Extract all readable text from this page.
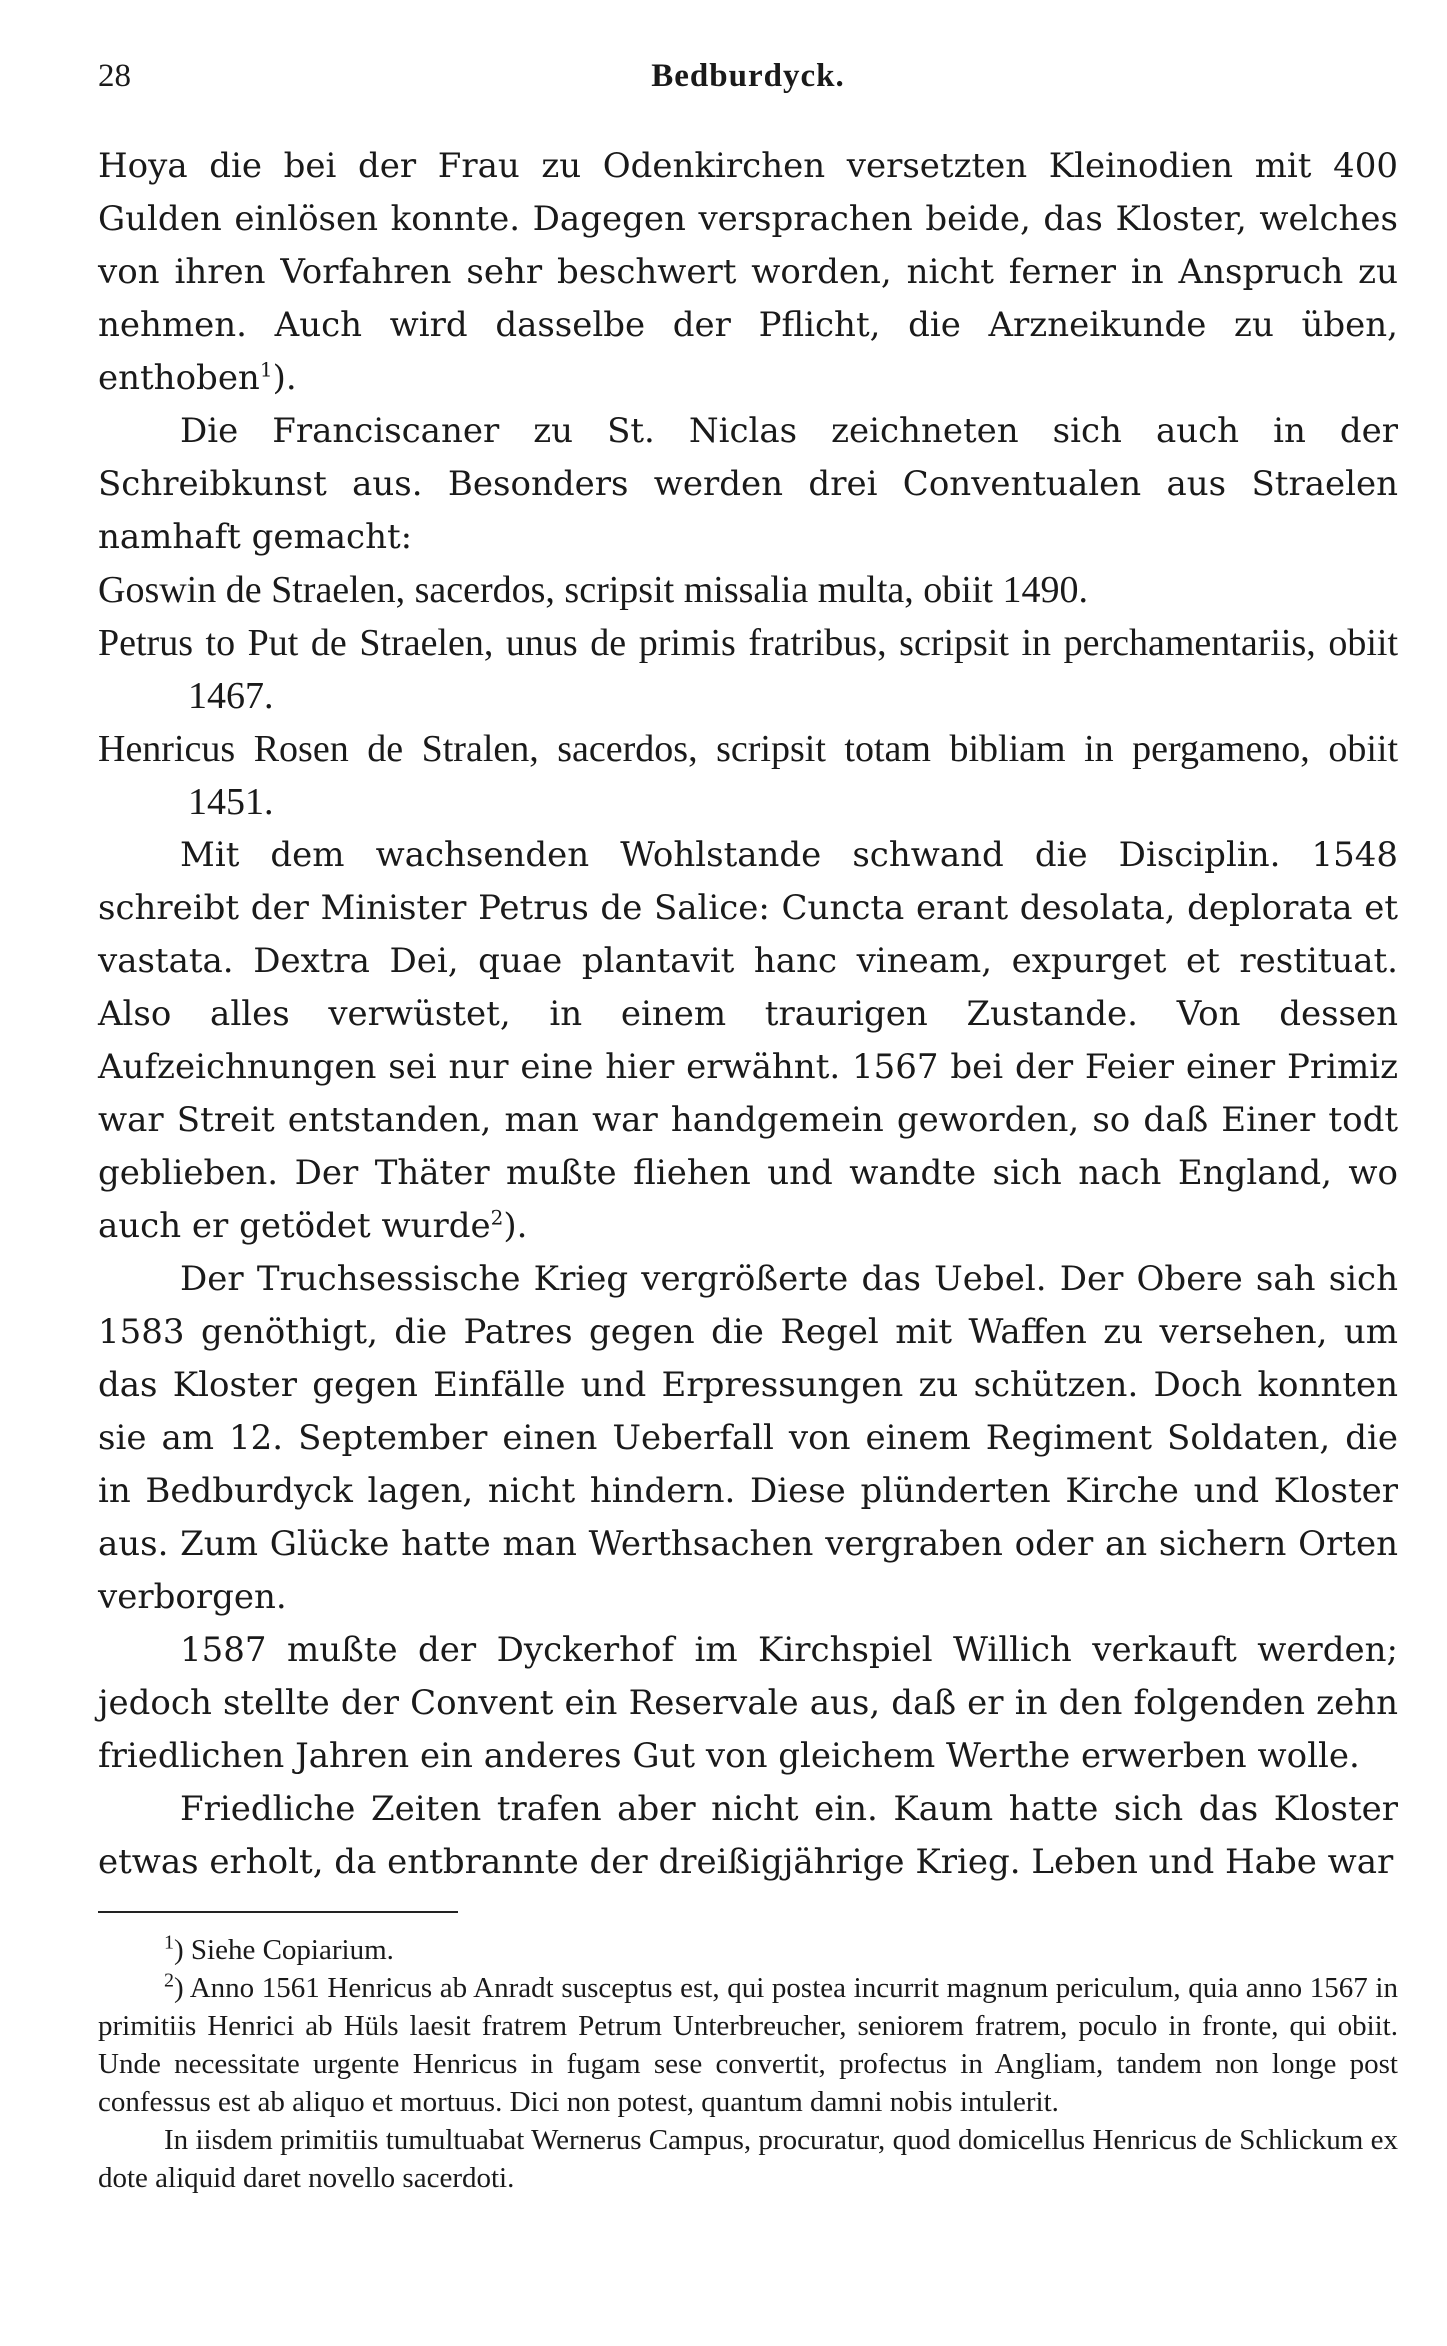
28	Bedburdyck.

Hoya die bei der Frau zu Odenkirchen versetzten Kleinodien mit 400 Gulden einlösen konnte. Dagegen versprachen beide, das Kloster, welches von ihren Vorfahren sehr beschwert worden, nicht ferner in Anspruch zu nehmen. Auch wird dasselbe der Pflicht, die Arzneikunde zu üben, enthoben$^1$).

Die Franciscaner zu St. Niclas zeichneten sich auch in der Schreibkunst aus. Besonders werden drei Conventualen aus Straelen namhaft gemacht:

Goswin de Straelen, sacerdos, scripsit missalia multa, obiit 1490.

Petrus to Put de Straelen, unus de primis fratribus, scripsit in perchamentariis, obiit 1467.

Henricus Rosen de Stralen, sacerdos, scripsit totam bibliam in pergameno, obiit 1451.

Mit dem wachsenden Wohlstande schwand die Disciplin. 1548 schreibt der Minister Petrus de Salice: Cuncta erant desolata, deplorata et vastata. Dextra Dei, quae plantavit hanc vineam, expurget et restituat. Also alles verwüstet, in einem traurigen Zustande. Von dessen Aufzeichnungen sei nur eine hier erwähnt. 1567 bei der Feier einer Primiz war Streit entstanden, man war handgemein geworden, so daß Einer todt geblieben. Der Thäter mußte fliehen und wandte sich nach England, wo auch er getödet wurde$^2$).

Der Truchsessische Krieg vergrößerte das Uebel. Der Obere sah sich 1583 genöthigt, die Patres gegen die Regel mit Waffen zu versehen, um das Kloster gegen Einfälle und Erpressungen zu schützen. Doch konnten sie am 12. September einen Ueberfall von einem Regiment Soldaten, die in Bedburdyck lagen, nicht hindern. Diese plünderten Kirche und Kloster aus. Zum Glücke hatte man Werthsachen vergraben oder an sichern Orten verborgen.

1587 mußte der Dyckerhof im Kirchspiel Willich verkauft werden; jedoch stellte der Convent ein Reservale aus, daß er in den folgenden zehn friedlichen Jahren ein anderes Gut von gleichem Werthe erwerben wolle.

Friedliche Zeiten trafen aber nicht ein. Kaum hatte sich das Kloster etwas erholt, da entbrannte der dreißigjährige Krieg. Leben und Habe war

$^1$) Siehe Copiarium.

$^2$) Anno 1561 Henricus ab Anradt susceptus est, qui postea incurrit magnum periculum, quia anno 1567 in primitiis Henrici ab Hüls laesit fratrem Petrum Unterbreucher, seniorem fratrem, poculo in fronte, qui obiit. Unde necessitate urgente Henricus in fugam sese convertit, profectus in Angliam, tandem non longe post confessus est ab aliquo et mortuus. Dici non potest, quantum damni nobis intulerit.

In iisdem primitiis tumultuabat Wernerus Campus, procuratur, quod domicellus Henricus de Schlickum ex dote aliquid daret novello sacerdoti.
